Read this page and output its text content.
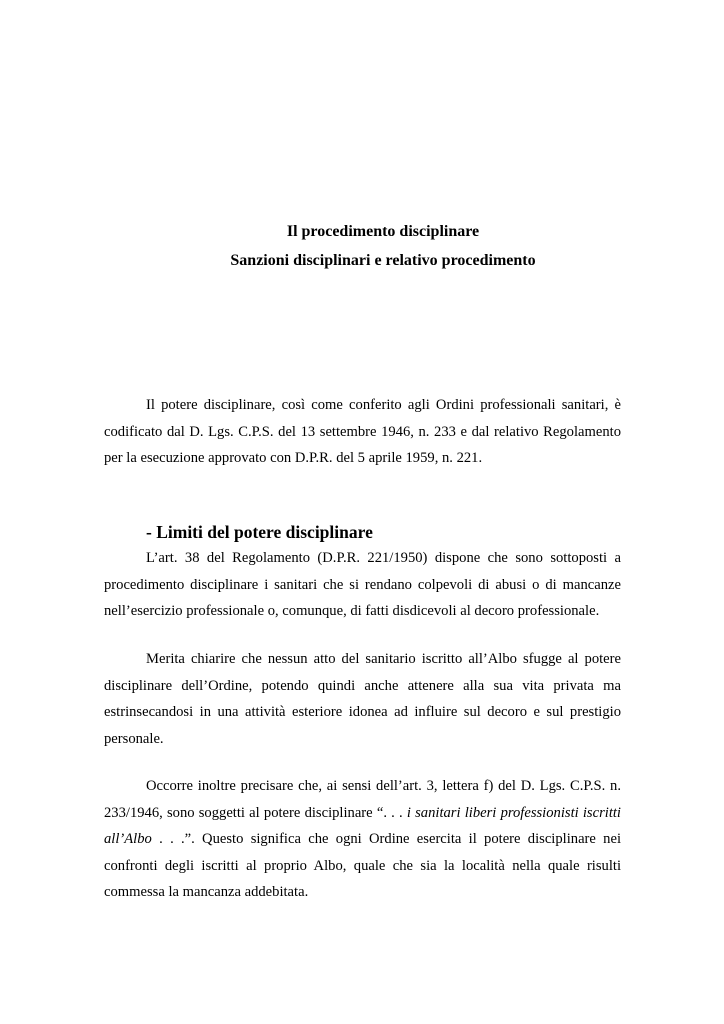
Il procedimento disciplinare
Sanzioni disciplinari e relativo procedimento

Il potere disciplinare, così come conferito agli Ordini professionali sanitari, è codificato dal D. Lgs. C.P.S. del 13 settembre 1946, n. 233 e dal relativo Regolamento per la esecuzione approvato con D.P.R. del 5 aprile 1959, n. 221.

- Limiti del potere disciplinare

L’art. 38 del Regolamento (D.P.R. 221/1950) dispone che sono sottoposti a procedimento disciplinare i sanitari che si rendano colpevoli di abusi o di mancanze nell’esercizio professionale o, comunque, di fatti disdicevoli al decoro professionale.

Merita chiarire che nessun atto del sanitario iscritto all’Albo sfugge al potere disciplinare dell’Ordine, potendo quindi anche attenere alla sua vita privata ma estrinsecandosi in una attività esteriore idonea ad influire sul decoro e sul prestigio personale.

Occorre inoltre precisare che, ai sensi dell’art. 3, lettera f) del D. Lgs. C.P.S. n. 233/1946, sono soggetti al potere disciplinare “. . . i sanitari liberi professionisti iscritti all’Albo . . .”. Questo significa che ogni Ordine esercita il potere disciplinare nei confronti degli iscritti al proprio Albo, quale che sia la località nella quale risulti commessa la mancanza addebitata.
